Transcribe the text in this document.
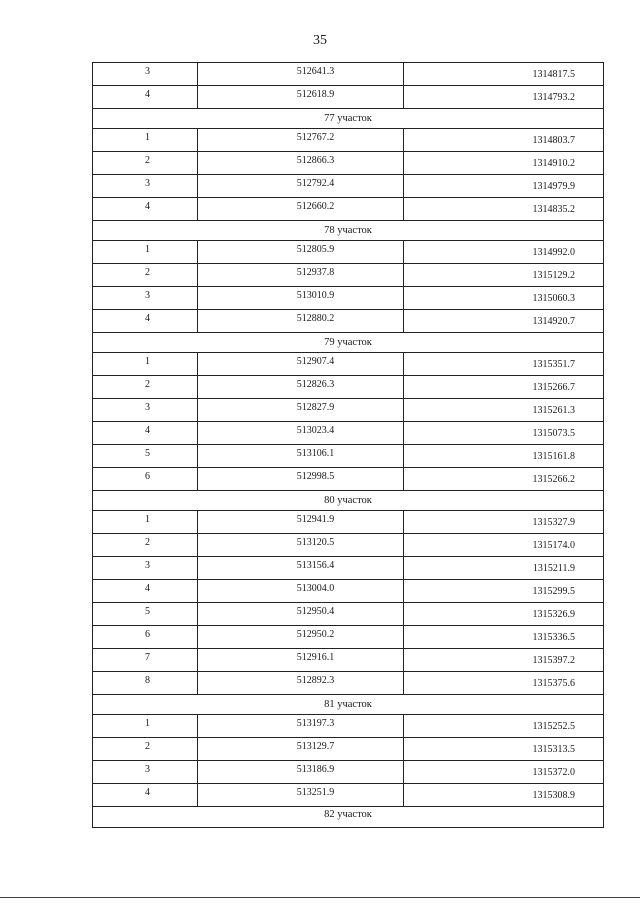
35
3	512641.3	1314817.5
4	512618.9	1314793.2
77 участок
1	512767.2	1314803.7
2	512866.3	1314910.2
3	512792.4	1314979.9
4	512660.2	1314835.2
78 участок
1	512805.9	1314992.0
2	512937.8	1315129.2
3	513010.9	1315060.3
4	512880.2	1314920.7
79 участок
1	512907.4	1315351.7
2	512826.3	1315266.7
3	512827.9	1315261.3
4	513023.4	1315073.5
5	513106.1	1315161.8
6	512998.5	1315266.2
80 участок
1	512941.9	1315327.9
2	513120.5	1315174.0
3	513156.4	1315211.9
4	513004.0	1315299.5
5	512950.4	1315326.9
6	512950.2	1315336.5
7	512916.1	1315397.2
8	512892.3	1315375.6
81 участок
1	513197.3	1315252.5
2	513129.7	1315313.5
3	513186.9	1315372.0
4	513251.9	1315308.9
82 участок
